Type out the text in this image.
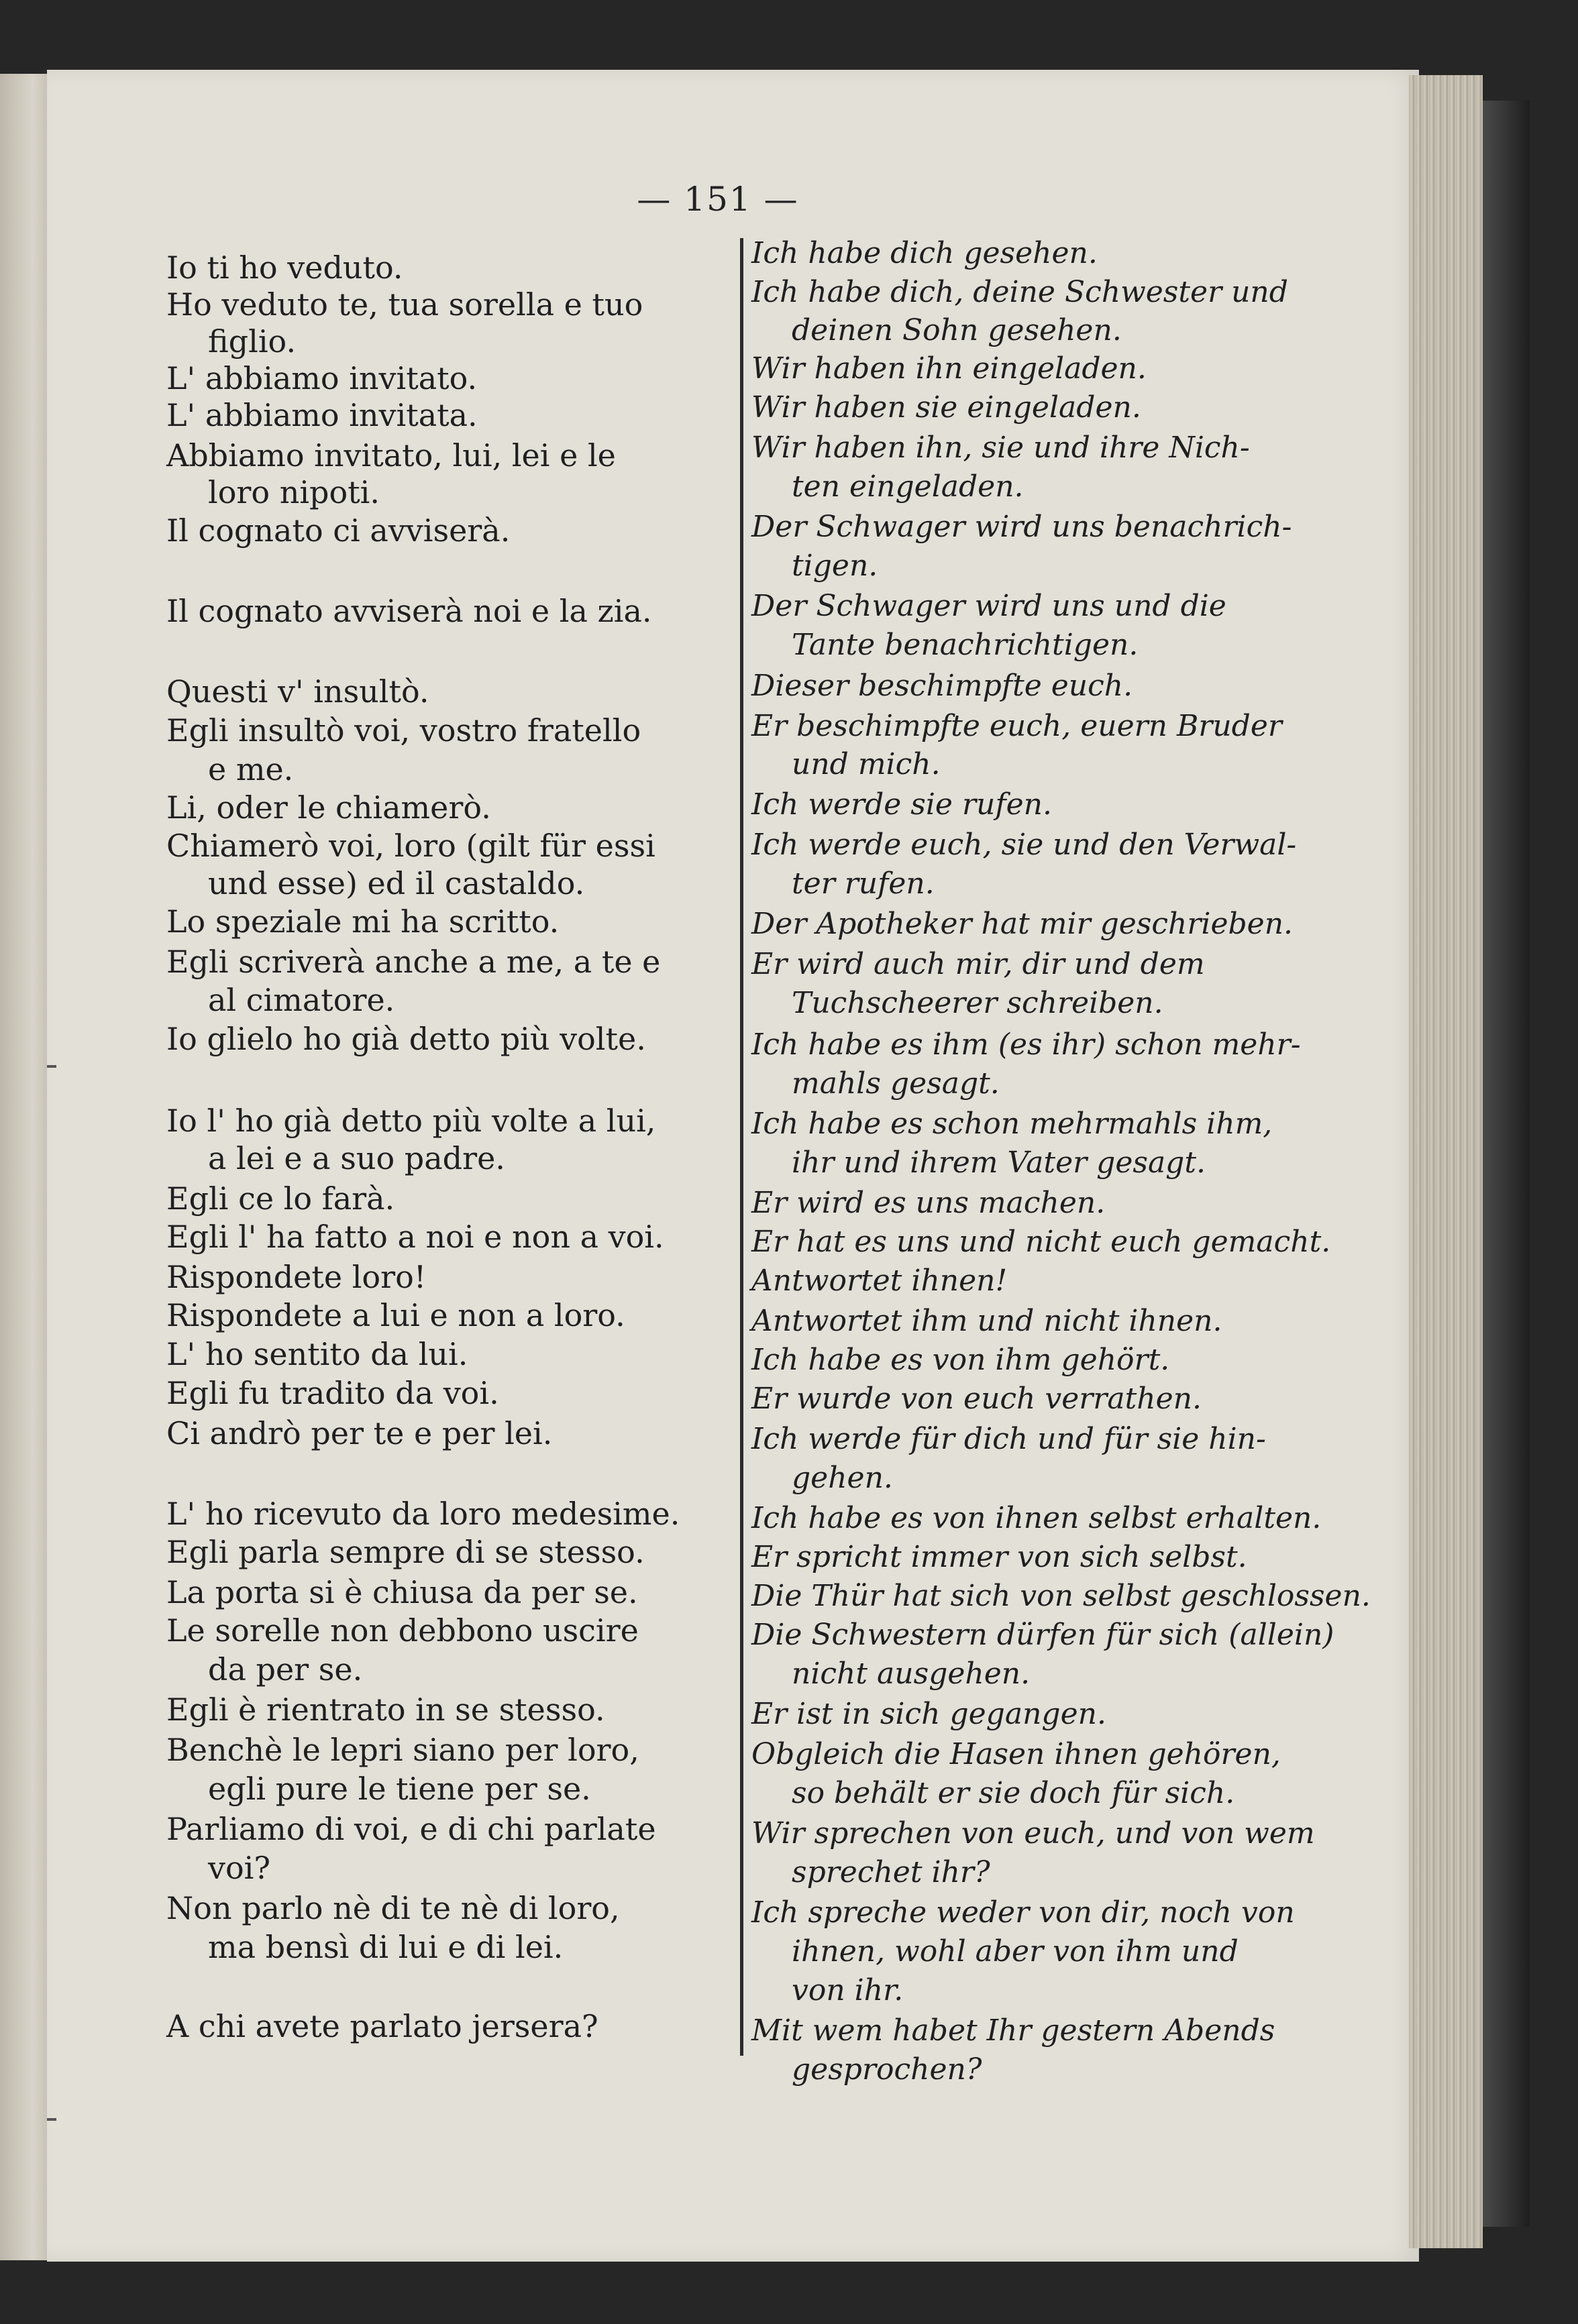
— 151 —
Io ti ho veduto.
Ho veduto te, tua sorella e tuo
figlio.
L' abbiamo invitato.
L' abbiamo invitata.
Abbiamo invitato, lui, lei e le
loro nipoti.
Il cognato ci avviserà.
Il cognato avviserà noi e la zia.
Questi v' insultò.
Egli insultò voi, vostro fratello
e me.
Li, oder le chiamerò.
Chiamerò voi, loro (gilt für essi
und esse) ed il castaldo.
Lo speziale mi ha scritto.
Egli scriverà anche a me, a te e
al cimatore.
Io glielo ho già detto più volte.
Io l' ho già detto più volte a lui,
a lei e a suo padre.
Egli ce lo farà.
Egli l' ha fatto a noi e non a voi.
Rispondete loro!
Rispondete a lui e non a loro.
L' ho sentito da lui.
Egli fu tradito da voi.
Ci andrò per te e per lei.
L' ho ricevuto da loro medesime.
Egli parla sempre di se stesso.
La porta si è chiusa da per se.
Le sorelle non debbono uscire
da per se.
Egli è rientrato in se stesso.
Benchè le lepri siano per loro,
egli pure le tiene per se.
Parliamo di voi, e di chi parlate
voi?
Non parlo nè di te nè di loro,
ma bensì di lui e di lei.
A chi avete parlato jersera?
Ich habe dich gesehen.
Ich habe dich, deine Schwester und
deinen Sohn gesehen.
Wir haben ihn eingeladen.
Wir haben sie eingeladen.
Wir haben ihn, sie und ihre Nich-
ten eingeladen.
Der Schwager wird uns benachrich-
tigen.
Der Schwager wird uns und die
Tante benachrichtigen.
Dieser beschimpfte euch.
Er beschimpfte euch, euern Bruder
und mich.
Ich werde sie rufen.
Ich werde euch, sie und den Verwal-
ter rufen.
Der Apotheker hat mir geschrieben.
Er wird auch mir, dir und dem
Tuchscheerer schreiben.
Ich habe es ihm (es ihr) schon mehr-
mahls gesagt.
Ich habe es schon mehrmahls ihm,
ihr und ihrem Vater gesagt.
Er wird es uns machen.
Er hat es uns und nicht euch gemacht.
Antwortet ihnen!
Antwortet ihm und nicht ihnen.
Ich habe es von ihm gehört.
Er wurde von euch verrathen.
Ich werde für dich und für sie hin-
gehen.
Ich habe es von ihnen selbst erhalten.
Er spricht immer von sich selbst.
Die Thür hat sich von selbst geschlossen.
Die Schwestern dürfen für sich (allein)
nicht ausgehen.
Er ist in sich gegangen.
Obgleich die Hasen ihnen gehören,
so behält er sie doch für sich.
Wir sprechen von euch, und von wem
sprechet ihr?
Ich spreche weder von dir, noch von
ihnen, wohl aber von ihm und
von ihr.
Mit wem habet Ihr gestern Abends
gesprochen?
